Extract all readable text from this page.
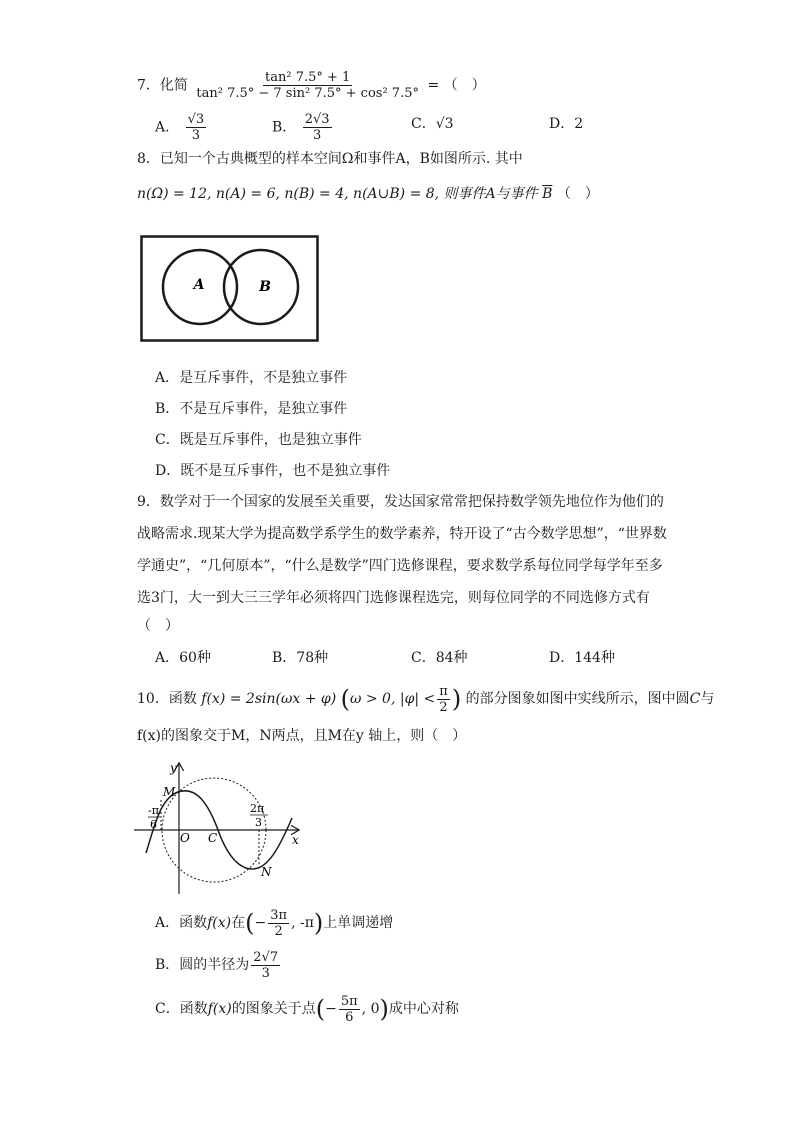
7．化简 $\frac{\text{tan² 7.5° + 1}}{\text{tan² 7.5° − 7 sin² 7.5° + cos² 7.5°}}$ = （　）
A． $\frac{√3}{3}$	B． $\frac{2√3}{3}$	C．√3	D．2
8．已知一个古典概型的样本空间Ω和事件A，B如图所示. 其中
n(Ω) = 12, n(A) = 6, n(B) = 4, n(A∪B) = 8, 则事件A与事件 $\overline{B}$ （　）
A	B
A．是互斥事件，不是独立事件
B．不是互斥事件，是独立事件
C．既是互斥事件，也是独立事件
D．既不是互斥事件，也不是独立事件
9．数学对于一个国家的发展至关重要，发达国家常常把保持数学领先地位作为他们的
战略需求.现某大学为提高数学系学生的数学素养，特开设了“古今数学思想”，“世界数
学通史”，“几何原本”，“什么是数学”四门选修课程，要求数学系每位同学每学年至多
选3门，大一到大三三学年必须将四门选修课程选完，则每位同学的不同选修方式有
（　）
A．60种	B．78种	C．84种	D．144种
10．函数 f(x) = 2sin(ωx + φ) (ω > 0, $|\varphi| < \frac{\pi}{2}$ ) 的部分图象如图中实线所示，图中圆C与
f(x)的图象交于M，N两点，且M在y 轴上，则（　）
y
x
M
N
O C
-π
6
2π
3
A．函数f(x)在(− $\frac{3\pi}{2}$ , -π)上单调递增
B．圆的半径为 $\frac{2√7}{3}$
C．函数f(x)的图象关于点(− $\frac{5\pi}{6}$ , 0)成中心对称
